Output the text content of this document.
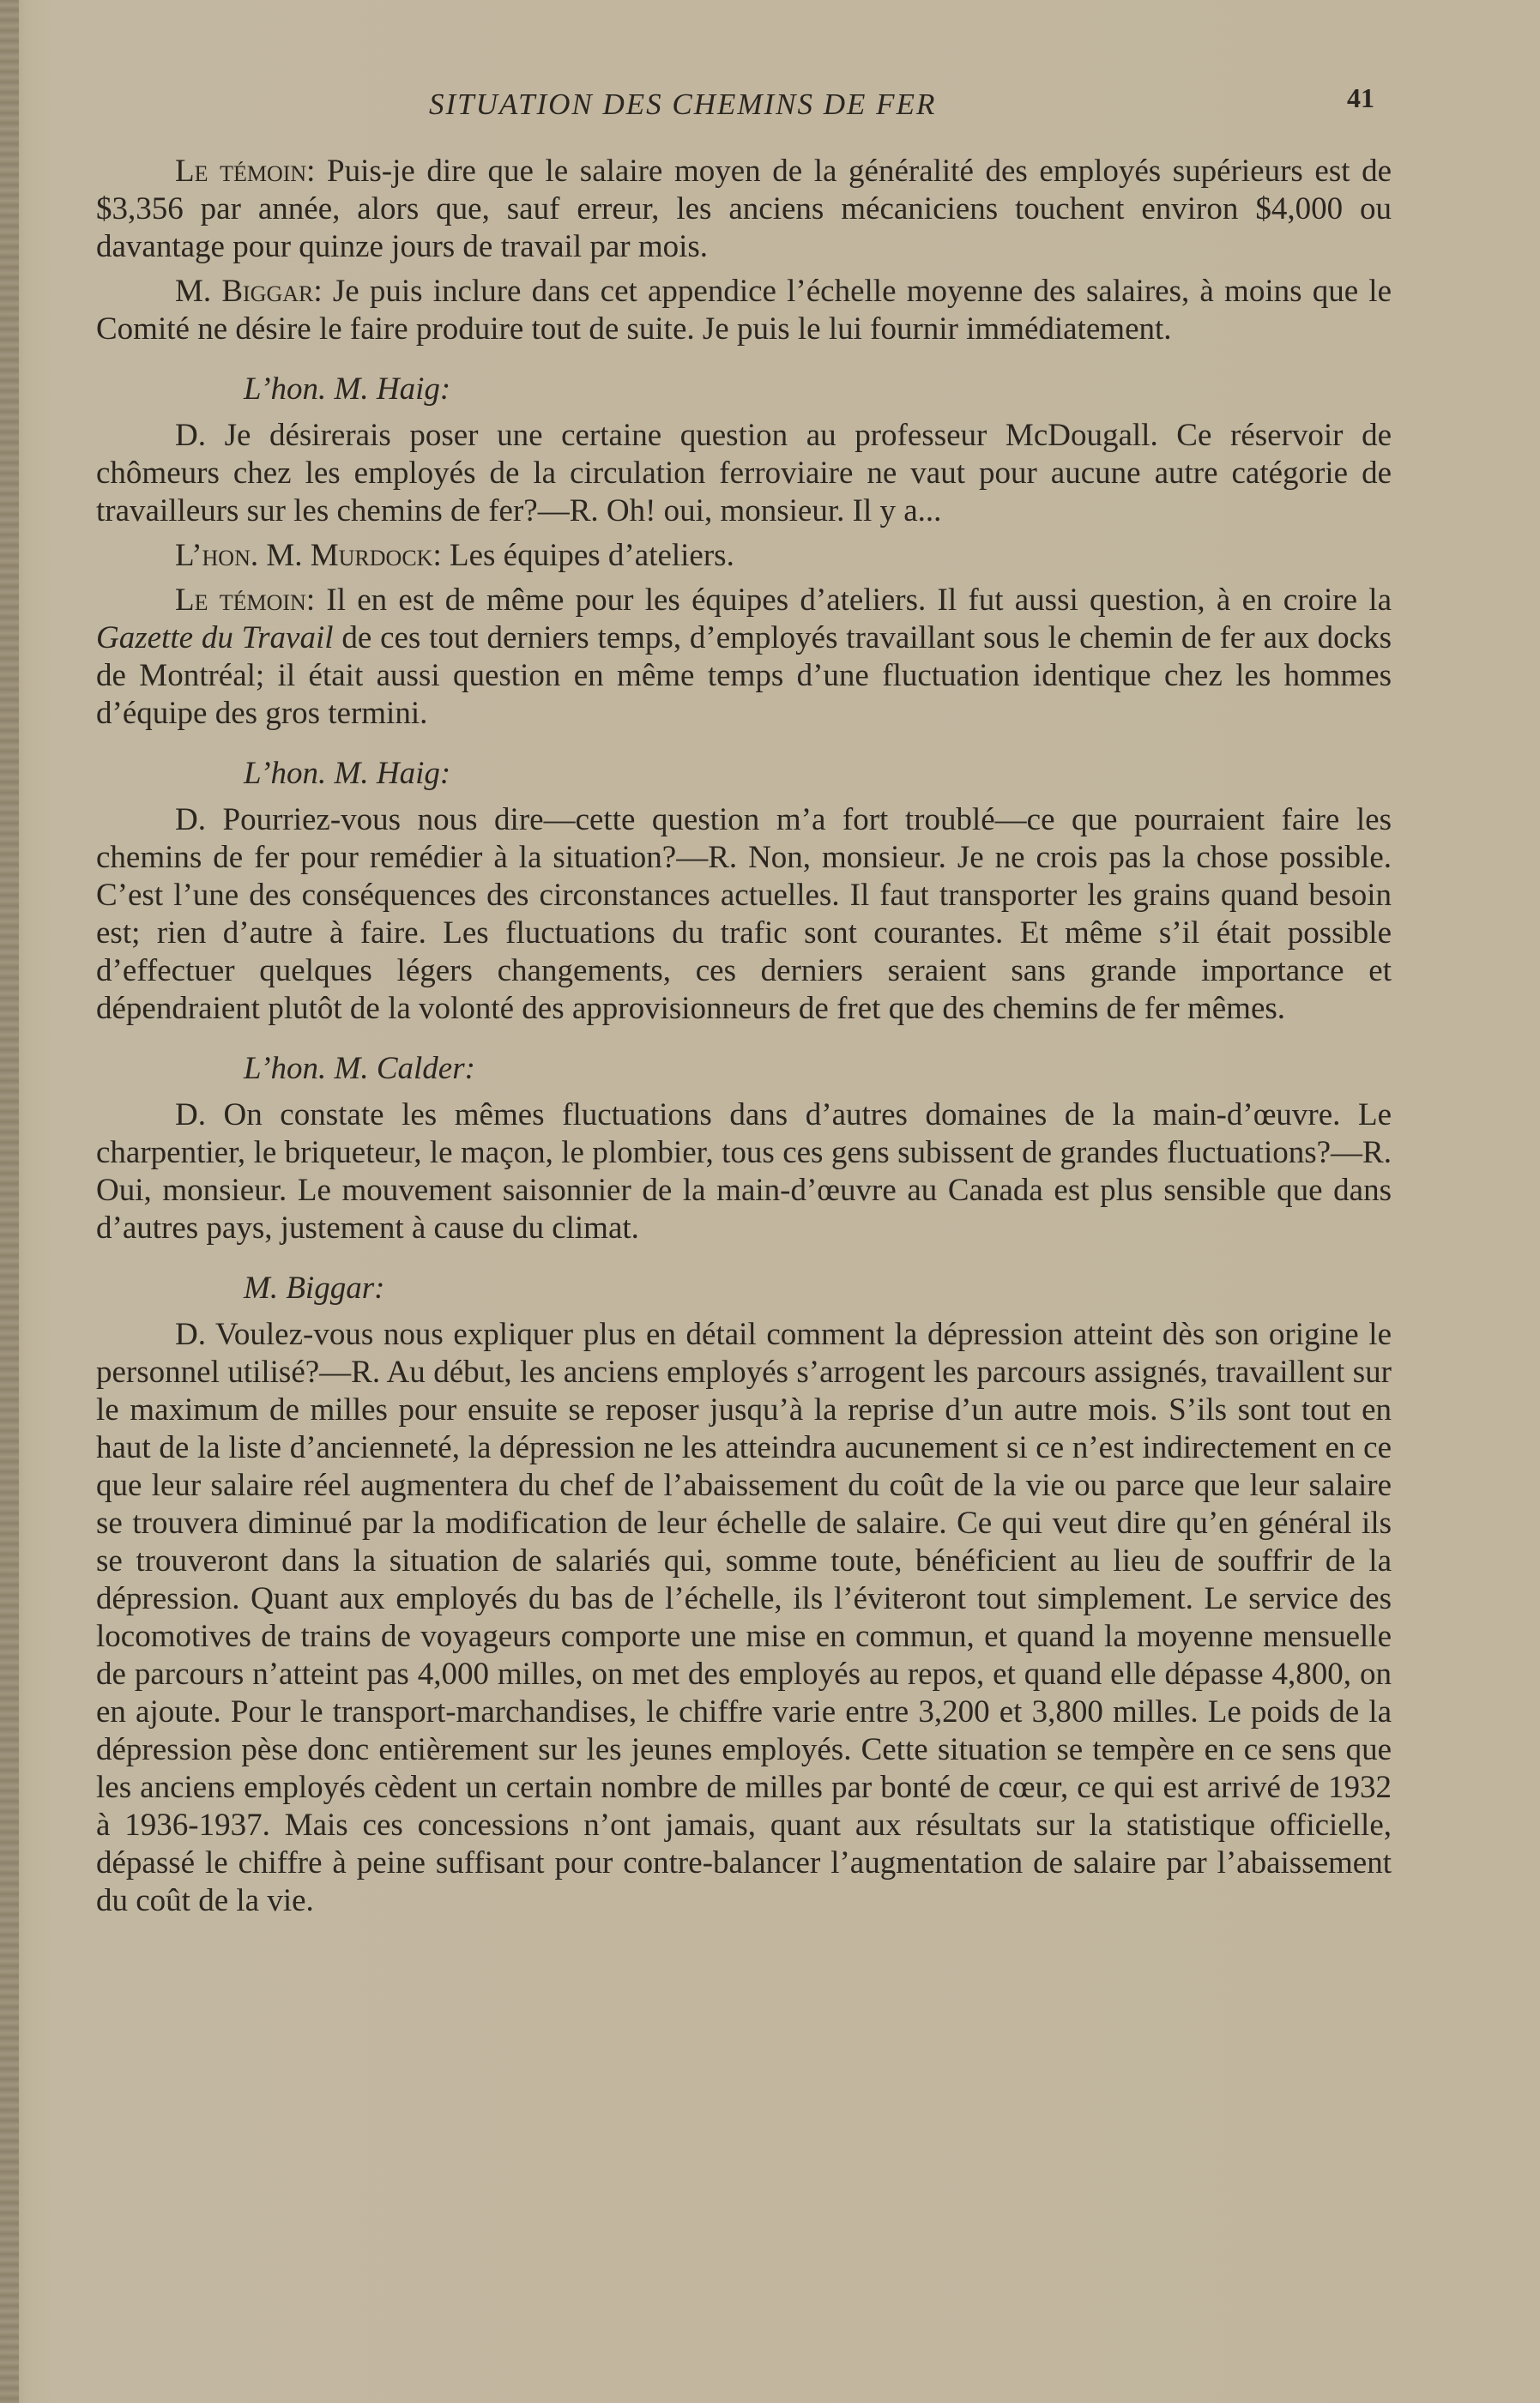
SITUATION DES CHEMINS DE FER	41

Le témoin: Puis-je dire que le salaire moyen de la généralité des employés supérieurs est de $3,356 par année, alors que, sauf erreur, les anciens mécaniciens touchent environ $4,000 ou davantage pour quinze jours de travail par mois.

M. Biggar: Je puis inclure dans cet appendice l’échelle moyenne des salaires, à moins que le Comité ne désire le faire produire tout de suite. Je puis le lui fournir immédiatement.

L’hon. M. Haig:

D. Je désirerais poser une certaine question au professeur McDougall. Ce réservoir de chômeurs chez les employés de la circulation ferroviaire ne vaut pour aucune autre catégorie de travailleurs sur les chemins de fer?—R. Oh! oui, monsieur. Il y a...

L’hon. M. Murdock: Les équipes d’ateliers.

Le témoin: Il en est de même pour les équipes d’ateliers. Il fut aussi question, à en croire la Gazette du Travail de ces tout derniers temps, d’employés travaillant sous le chemin de fer aux docks de Montréal; il était aussi question en même temps d’une fluctuation identique chez les hommes d’équipe des gros termini.

L’hon. M. Haig:

D. Pourriez-vous nous dire—cette question m’a fort troublé—ce que pourraient faire les chemins de fer pour remédier à la situation?—R. Non, monsieur. Je ne crois pas la chose possible. C’est l’une des conséquences des circonstances actuelles. Il faut transporter les grains quand besoin est; rien d’autre à faire. Les fluctuations du trafic sont courantes. Et même s’il était possible d’effectuer quelques légers changements, ces derniers seraient sans grande importance et dépendraient plutôt de la volonté des approvisionneurs de fret que des chemins de fer mêmes.

L’hon. M. Calder:

D. On constate les mêmes fluctuations dans d’autres domaines de la main-d’œuvre. Le charpentier, le briqueteur, le maçon, le plombier, tous ces gens subissent de grandes fluctuations?—R. Oui, monsieur. Le mouvement saisonnier de la main-d’œuvre au Canada est plus sensible que dans d’autres pays, justement à cause du climat.

M. Biggar:

D. Voulez-vous nous expliquer plus en détail comment la dépression atteint dès son origine le personnel utilisé?—R. Au début, les anciens employés s’arrogent les parcours assignés, travaillent sur le maximum de milles pour ensuite se reposer jusqu’à la reprise d’un autre mois. S’ils sont tout en haut de la liste d’ancienneté, la dépression ne les atteindra aucunement si ce n’est indirectement en ce que leur salaire réel augmentera du chef de l’abaissement du coût de la vie ou parce que leur salaire se trouvera diminué par la modification de leur échelle de salaire. Ce qui veut dire qu’en général ils se trouveront dans la situation de salariés qui, somme toute, bénéficient au lieu de souffrir de la dépression. Quant aux employés du bas de l’échelle, ils l’éviteront tout simplement. Le service des locomotives de trains de voyageurs comporte une mise en commun, et quand la moyenne mensuelle de parcours n’atteint pas 4,000 milles, on met des employés au repos, et quand elle dépasse 4,800, on en ajoute. Pour le transport-marchandises, le chiffre varie entre 3,200 et 3,800 milles. Le poids de la dépression pèse donc entièrement sur les jeunes employés. Cette situation se tempère en ce sens que les anciens employés cèdent un certain nombre de milles par bonté de cœur, ce qui est arrivé de 1932 à 1936-1937. Mais ces concessions n’ont jamais, quant aux résultats sur la statistique officielle, dépassé le chiffre à peine suffisant pour contre-balancer l’augmentation de salaire par l’abaissement du coût de la vie.
